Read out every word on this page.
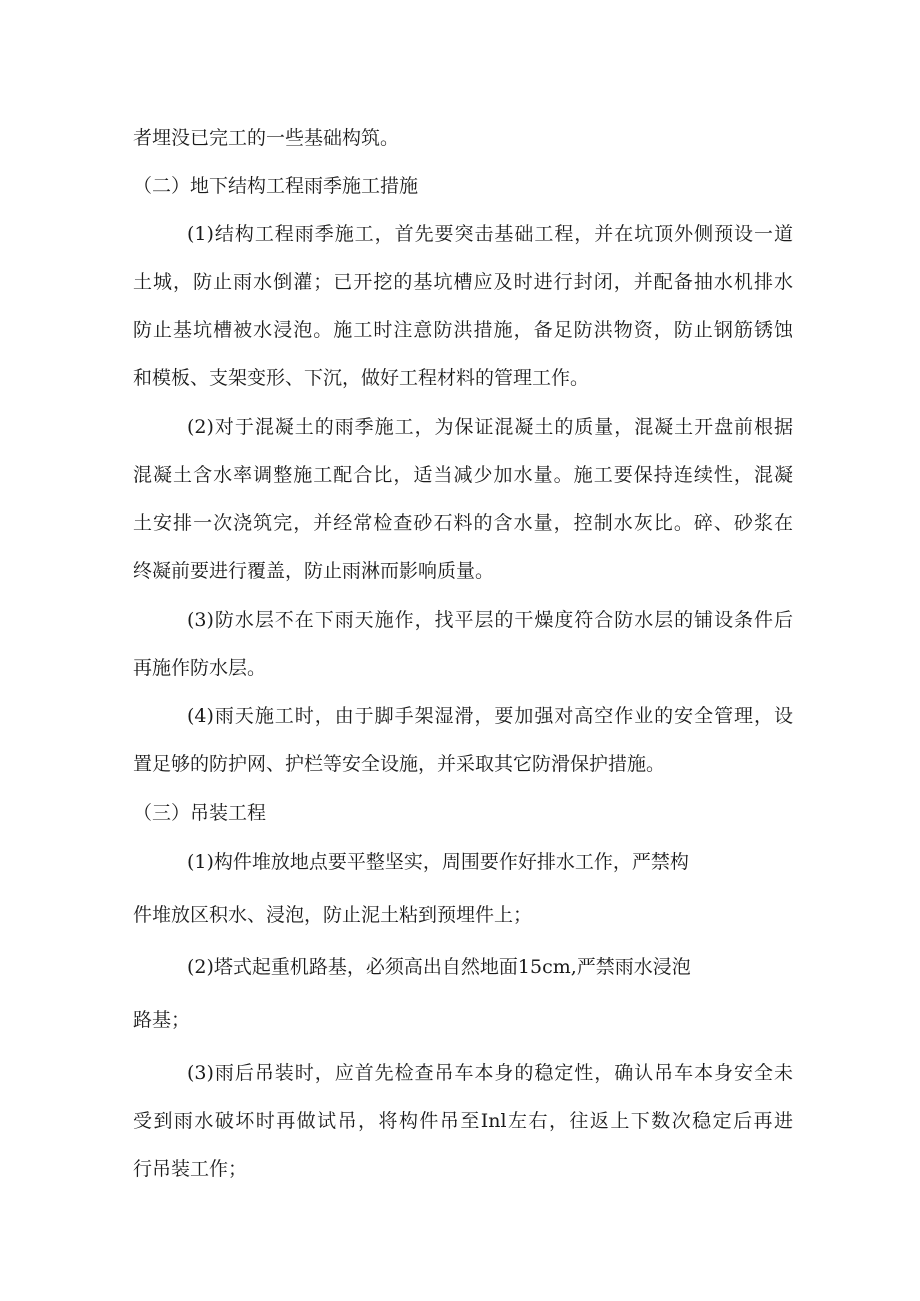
者埋没已完工的一些基础构筑。
（二）地下结构工程雨季施工措施
(1)结构工程雨季施工，首先要突击基础工程，并在坑顶外侧预设一道
土城，防止雨水倒灌；已开挖的基坑槽应及时进行封闭，并配备抽水机排水
防止基坑槽被水浸泡。施工时注意防洪措施，备足防洪物资，防止钢筋锈蚀
和模板、支架变形、下沉，做好工程材料的管理工作。
(2)对于混凝土的雨季施工，为保证混凝土的质量，混凝土开盘前根据
混凝土含水率调整施工配合比，适当减少加水量。施工要保持连续性，混凝
土安排一次浇筑完，并经常检查砂石料的含水量，控制水灰比。碎、砂浆在
终凝前要进行覆盖，防止雨淋而影响质量。
(3)防水层不在下雨天施作，找平层的干燥度符合防水层的铺设条件后
再施作防水层。
(4)雨天施工时，由于脚手架湿滑，要加强对高空作业的安全管理，设
置足够的防护网、护栏等安全设施，并采取其它防滑保护措施。
（三）吊装工程
(1)构件堆放地点要平整坚实，周围要作好排水工作，严禁构
件堆放区积水、浸泡，防止泥土粘到预埋件上；
(2)塔式起重机路基，必须高出自然地面15cm,严禁雨水浸泡
路基；
(3)雨后吊装时，应首先检查吊车本身的稳定性，确认吊车本身安全未
受到雨水破坏时再做试吊，将构件吊至Inl左右，往返上下数次稳定后再进
行吊装工作；
